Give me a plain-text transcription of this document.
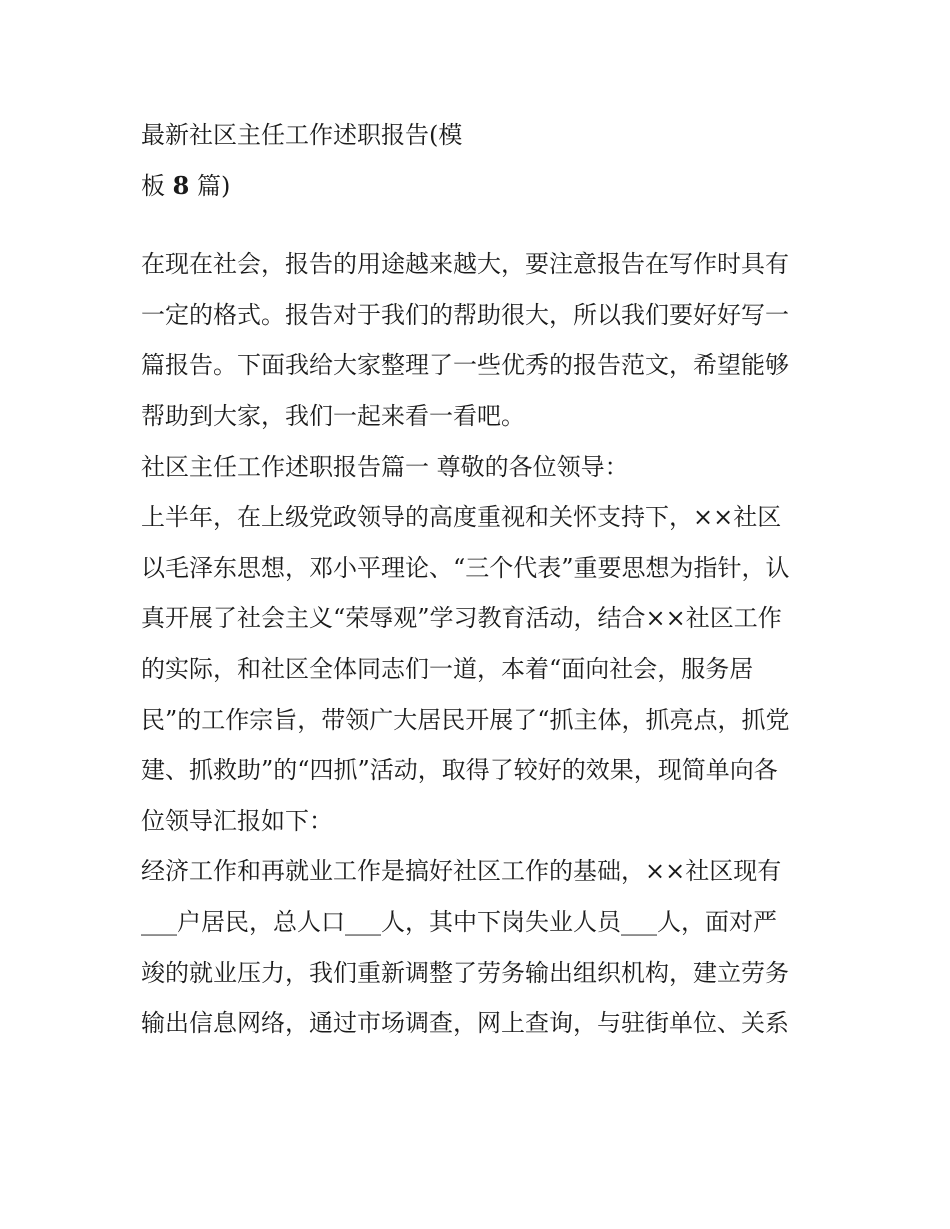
最新社区主任工作述职报告(模
板 8 篇)
在现在社会，报告的用途越来越大，要注意报告在写作时具有
一定的格式。报告对于我们的帮助很大，所以我们要好好写一
篇报告。下面我给大家整理了一些优秀的报告范文，希望能够
帮助到大家，我们一起来看一看吧。
社区主任工作述职报告篇一 尊敬的各位领导：
上半年，在上级党政领导的高度重视和关怀支持下，××社区
以毛泽东思想，邓小平理论、“三个代表”重要思想为指针，认
真开展了社会主义“荣辱观”学习教育活动，结合××社区工作
的实际，和社区全体同志们一道，本着“面向社会，服务居
民”的工作宗旨，带领广大居民开展了“抓主体，抓亮点，抓党
建、抓救助”的“四抓”活动，取得了较好的效果，现简单向各
位领导汇报如下：
经济工作和再就业工作是搞好社区工作的基础，××社区现有
___户居民，总人口___人，其中下岗失业人员___人，面对严
竣的就业压力，我们重新调整了劳务输出组织机构，建立劳务
输出信息网络，通过市场调查，网上查询，与驻街单位、关系
